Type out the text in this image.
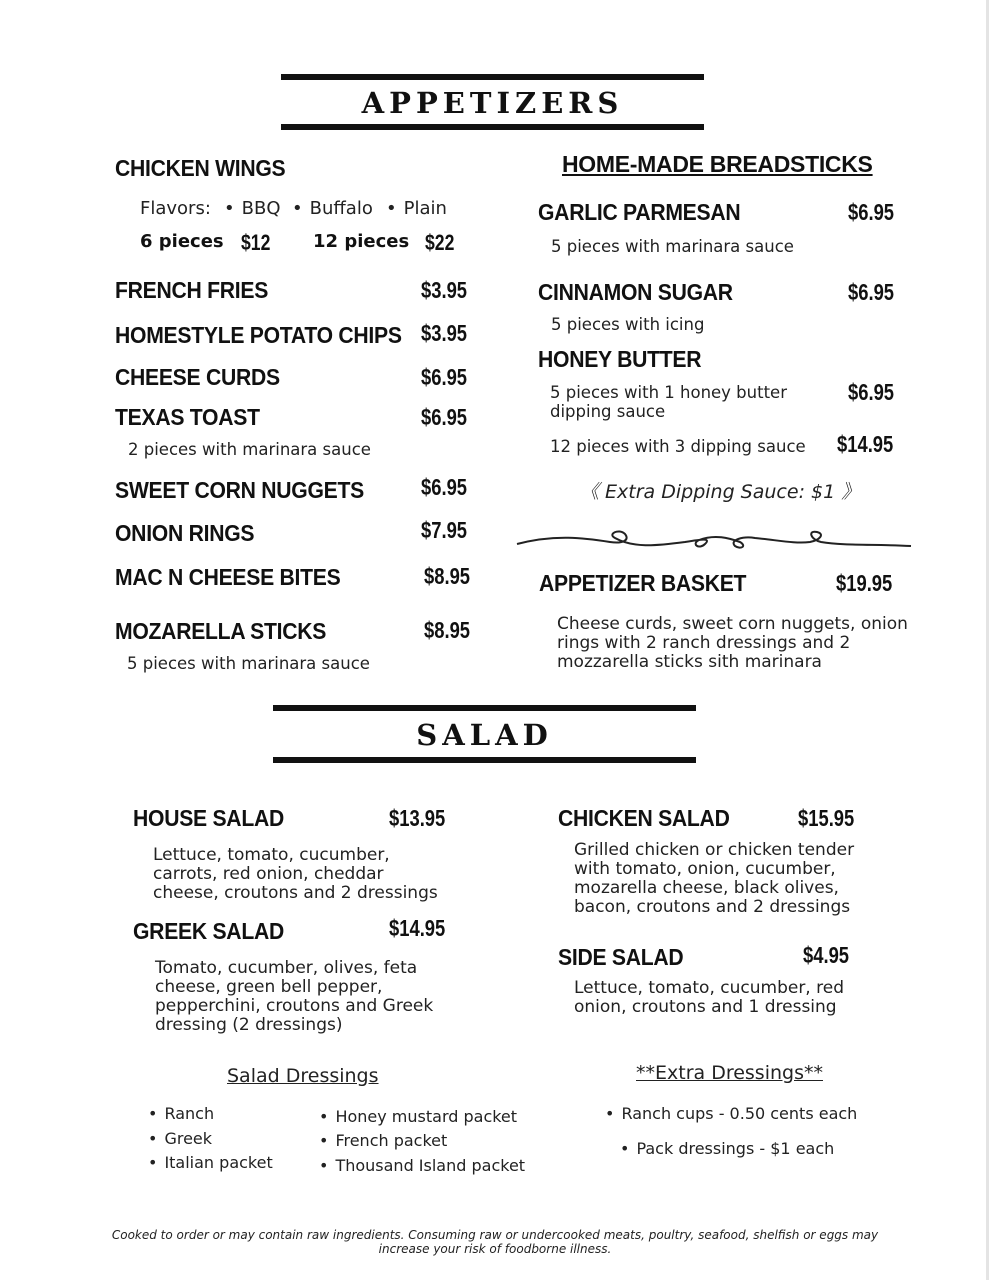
APPETIZERS
CHICKEN WINGS
Flavors:	• BBQ	• Buffalo	• Plain
6 pieces $12 12 pieces $22
FRENCH FRIES	$3.95
HOMESTYLE POTATO CHIPS $3.95
CHEESE CURDS	$6.95
TEXAS TOAST	$6.95
2 pieces with marinara sauce
SWEET CORN NUGGETS $6.95
ONION RINGS	$7.95
MAC N CHEESE BITES	$8.95
MOZARELLA STICKS	$8.95
5 pieces with marinara sauce
HOME-MADE BREADSTICKS
GARLIC PARMESAN	$6.95
5 pieces with marinara sauce
CINNAMON SUGAR	$6.95
5 pieces with icing
HONEY BUTTER
5 pieces with 1 honey butter
dipping sauce
$6.95
12 pieces with 3 dipping sauce $14.95
《 Extra Dipping Sauce: $1 》
APPETIZER BASKET	$19.95
Cheese curds, sweet corn nuggets, onion
rings with 2 ranch dressings and 2
mozzarella sticks sith marinara
SALAD
HOUSE SALAD	$13.95
Lettuce, tomato, cucumber,
carrots, red onion, cheddar
cheese, croutons and 2 dressings
GREEK SALAD	$14.95
Tomato, cucumber, olives, feta
cheese, green bell pepper,
pepperchini, croutons and Greek
dressing (2 dressings)
CHICKEN SALAD	$15.95
Grilled chicken or chicken tender
with tomato, onion, cucumber,
mozarella cheese, black olives,
bacon, croutons and 2 dressings
SIDE SALAD	$4.95
Lettuce, tomato, cucumber, red
onion, croutons and 1 dressing
Salad Dressings
• Ranch
• Greek
• Italian packet
• Honey mustard packet
• French packet
• Thousand Island packet
**Extra Dressings**
• Ranch cups - 0.50 cents each
• Pack dressings - $1 each
Cooked to order or may contain raw ingredients. Consuming raw or undercooked meats, poultry, seafood, shelfish or eggs may
increase your risk of foodborne illness.
